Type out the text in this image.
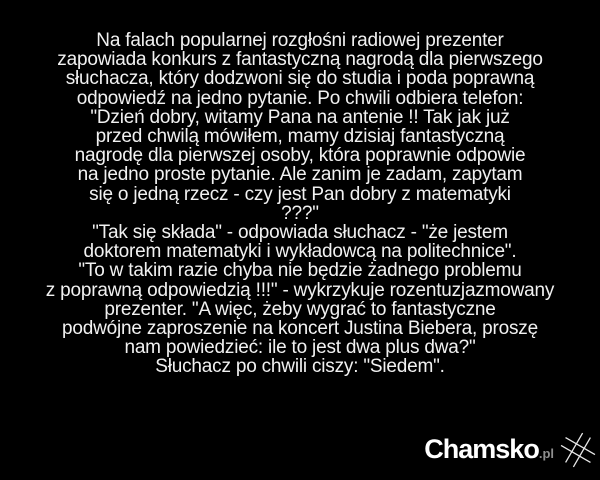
Na falach popularnej rozgłośni radiowej prezenter
zapowiada konkurs z fantastyczną nagrodą dla pierwszego
słuchacza, który dodzwoni się do studia i poda poprawną
odpowiedź na jedno pytanie. Po chwili odbiera telefon:
"Dzień dobry, witamy Pana na antenie !! Tak jak już
przed chwilą mówiłem, mamy dzisiaj fantastyczną
nagrodę dla pierwszej osoby, która poprawnie odpowie
na jedno proste pytanie. Ale zanim je zadam, zapytam
się o jedną rzecz - czy jest Pan dobry z matematyki
???"
"Tak się składa" - odpowiada słuchacz - "że jestem
doktorem matematyki i wykładowcą na politechnice".
"To w takim razie chyba nie będzie żadnego problemu
z poprawną odpowiedzią !!!" - wykrzykuje rozentuzjazmowany
prezenter. "A więc, żeby wygrać to fantastyczne
podwójne zaproszenie na koncert Justina Biebera, proszę
nam powiedzieć: ile to jest dwa plus dwa?"
Słuchacz po chwili ciszy: "Siedem".
Chamsko.pl
